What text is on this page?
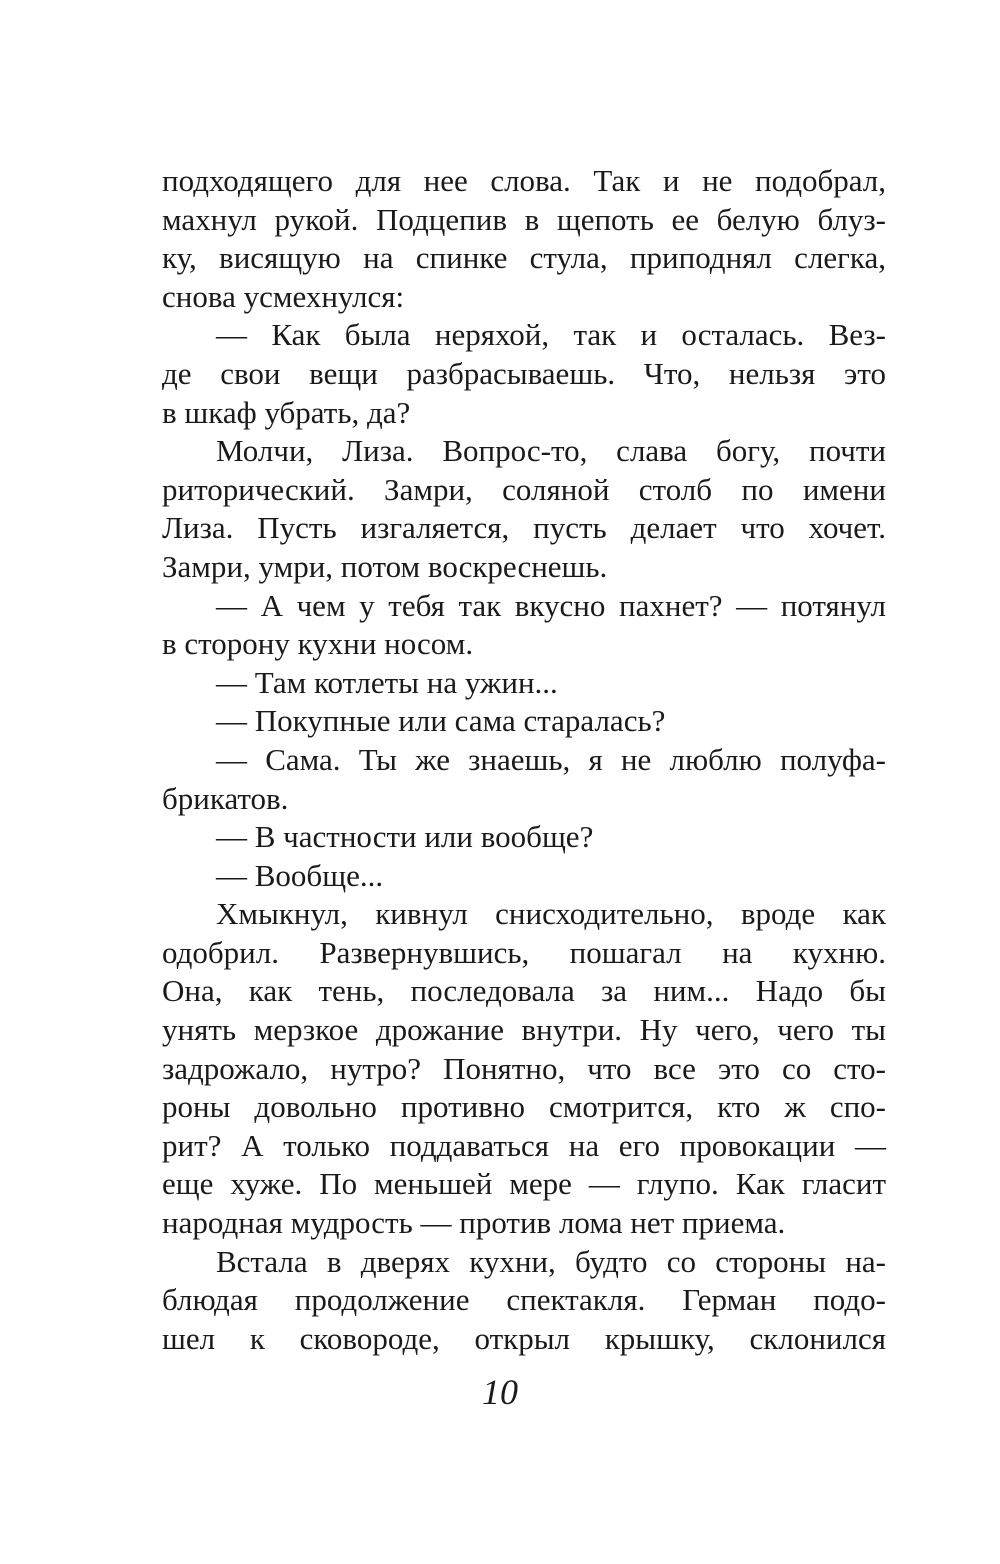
подходящего для нее слова. Так и не подобрал,
махнул рукой. Подцепив в щепоть ее белую блуз-
ку, висящую на спинке стула, приподнял слегка,
снова усмехнулся:
— Как была неряхой, так и осталась. Вез-
де свои вещи разбрасываешь. Что, нельзя это
в шкаф убрать, да?
Молчи, Лиза. Вопрос-то, слава богу, почти
риторический. Замри, соляной столб по имени
Лиза. Пусть изгаляется, пусть делает что хочет.
Замри, умри, потом воскреснешь.
— А чем у тебя так вкусно пахнет? — потянул
в сторону кухни носом.
— Там котлеты на ужин...
— Покупные или сама старалась?
— Сама. Ты же знаешь, я не люблю полуфа-
брикатов.
— В частности или вообще?
— Вообще...
Хмыкнул, кивнул снисходительно, вроде как
одобрил. Развернувшись, пошагал на кухню.
Она, как тень, последовала за ним... Надо бы
унять мерзкое дрожание внутри. Ну чего, чего ты
задрожало, нутро? Понятно, что все это со сто-
роны довольно противно смотрится, кто ж спо-
рит? А только поддаваться на его провокации —
еще хуже. По меньшей мере — глупо. Как гласит
народная мудрость — против лома нет приема.
Встала в дверях кухни, будто со стороны на-
блюдая продолжение спектакля. Герман подо-
шел к сковороде, открыл крышку, склонился
10
